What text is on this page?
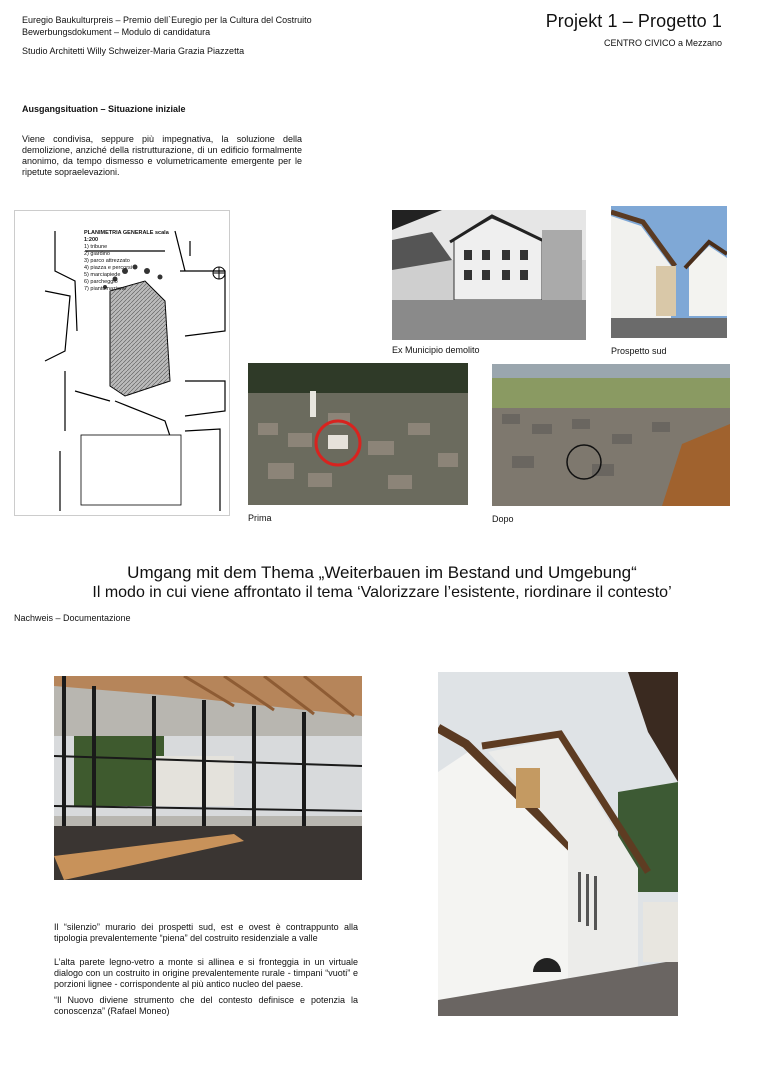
Euregio Baukulturpreis – Premio dell`Euregio per la Cultura del Costruito
Bewerbungsdokument – Modulo di candidatura
Studio Architetti Willy Schweizer-Maria Grazia Piazzetta
Projekt 1 – Progetto 1
CENTRO CIVICO a Mezzano
Ausgangsituation – Situazione iniziale
Viene condivisa, seppure più impegnativa, la soluzione della demolizione, anziché della ristrutturazione, di un edificio formalmente anonimo, da tempo dismesso e volumetricamente emergente per le ripetute sopraelevazioni.
PLANIMETRIA GENERALE scala 1:200
1) tribune
2) giardino
3) parco attrezzato
4) piazza e percorsi
5) marciapiede
6) parcheggio
7) piantumazione
Ex Municipio demolito	Prospetto sud
Prima	Dopo
Umgang mit dem Thema „Weiterbauen im Bestand und Umgebung“
Il modo in cui viene affrontato il tema ‘Valorizzare l’esistente, riordinare il contesto’
Nachweis – Documentazione
Il “silenzio” murario dei prospetti sud, est e ovest è contrappunto alla tipologia prevalentemente “piena” del costruito residenziale a valle
L’alta parete legno-vetro a monte si allinea e si fronteggia in un virtuale dialogo con un costruito in origine prevalentemente rurale - timpani “vuoti” e porzioni lignee - corrispondente al più antico nucleo del paese.
“Il Nuovo diviene strumento che del contesto definisce e potenzia la conoscenza” (Rafael Moneo)
